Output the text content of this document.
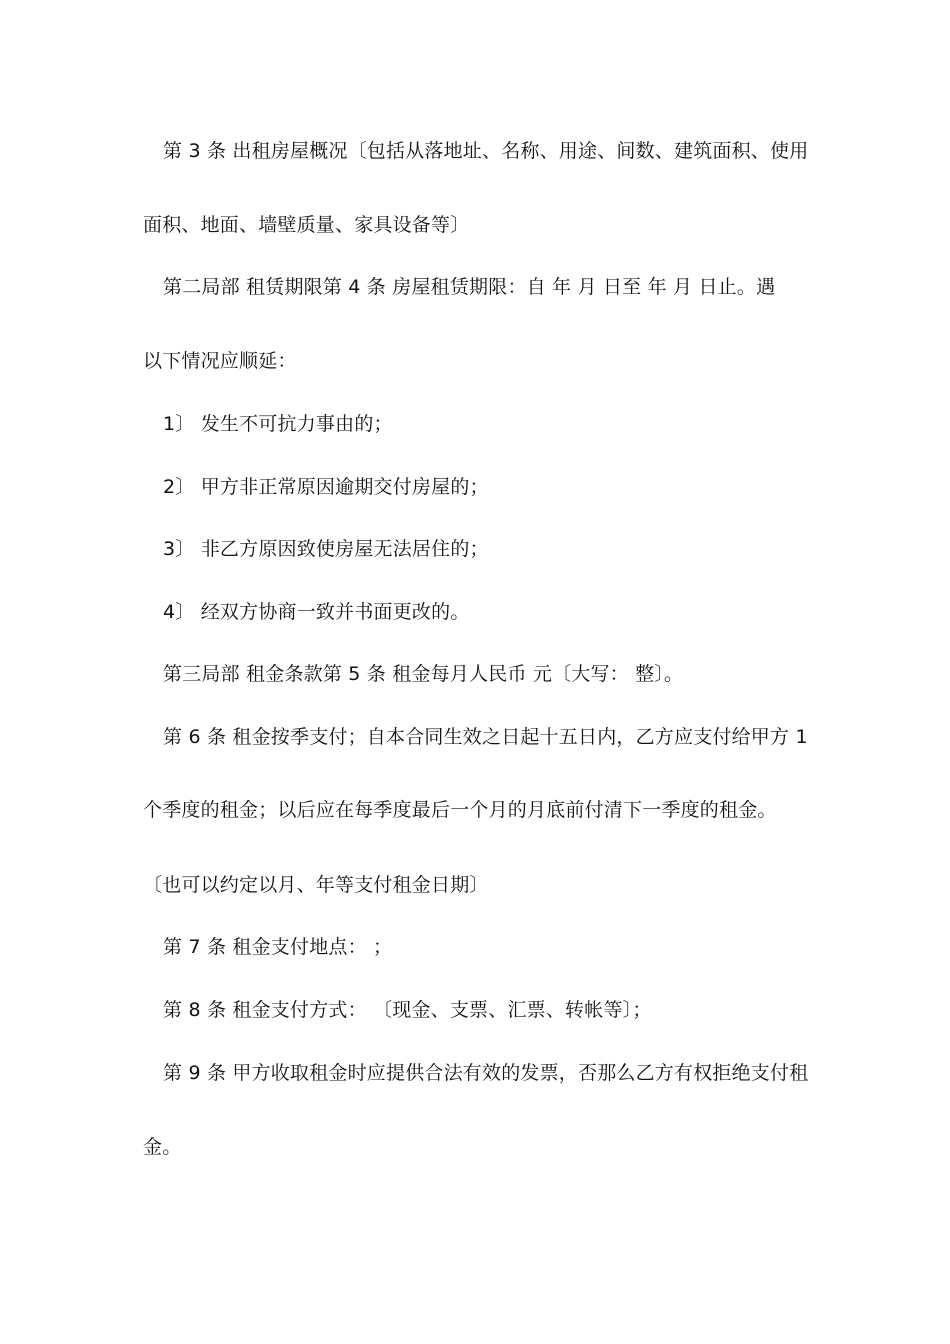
第 3 条 出租房屋概况〔包括从落地址、名称、用途、间数、建筑面积、使用
面积、地面、墙壁质量、家具设备等〕
第二局部 租赁期限第 4 条 房屋租赁期限：自 年 月 日至 年 月 日止。遇
以下情况应顺延：
1〕 发生不可抗力事由的；
2〕 甲方非正常原因逾期交付房屋的；
3〕 非乙方原因致使房屋无法居住的；
4〕 经双方协商一致并书面更改的。
第三局部 租金条款第 5 条 租金每月人民币 元〔大写： 整〕。
第 6 条 租金按季支付；自本合同生效之日起十五日内，乙方应支付给甲方 1
个季度的租金；以后应在每季度最后一个月的月底前付清下一季度的租金。
〔也可以约定以月、年等支付租金日期〕
第 7 条 租金支付地点： ；
第 8 条 租金支付方式： 〔现金、支票、汇票、转帐等〕；
第 9 条 甲方收取租金时应提供合法有效的发票，否那么乙方有权拒绝支付租
金。
